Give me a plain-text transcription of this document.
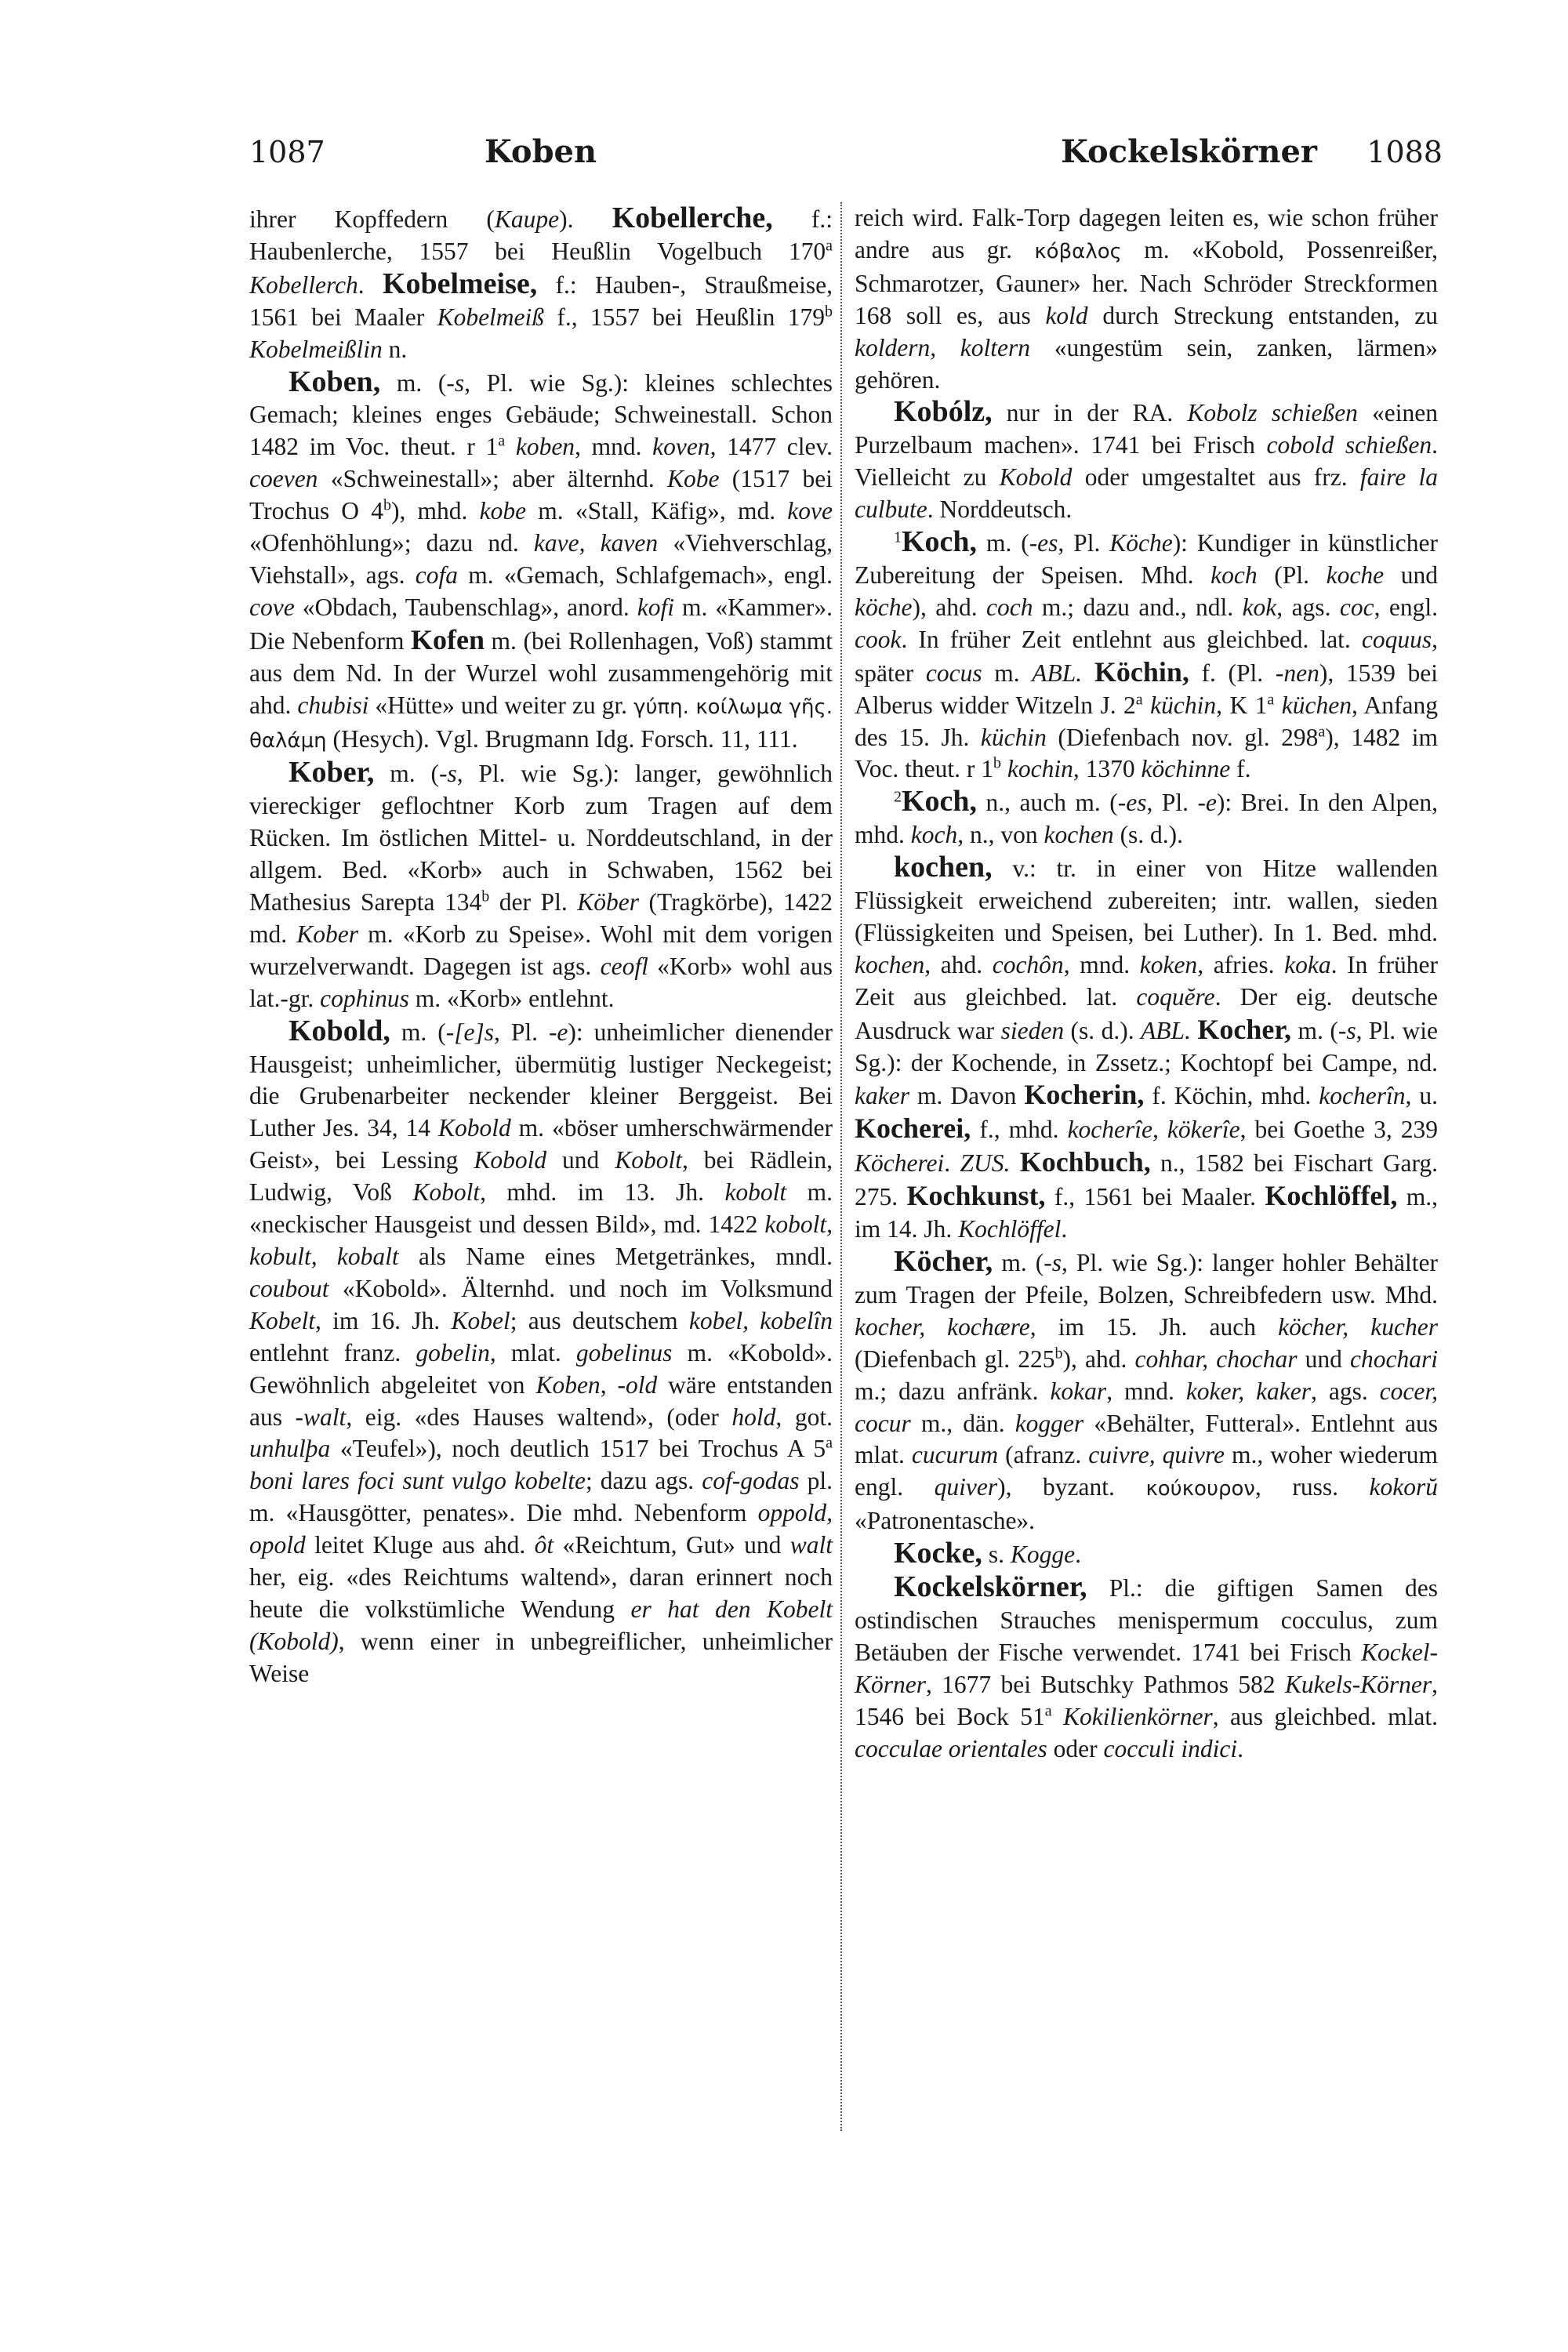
1087	Koben	Kockelskörner 1088

ihrer Kopffedern (Kaupe). Kobellerche, f.: Haubenlerche, 1557 bei Heußlin Vogelbuch 170$^a$ Kobellerch. Kobelmeise, f.: Hauben-, Straußmeise, 1561 bei Maaler Kobelmeiß f., 1557 bei Heußlin 179$^b$ Kobelmeißlin n.

Koben, m. (-s, Pl. wie Sg.): kleines schlechtes Gemach; kleines enges Gebäude; Schweinestall. Schon 1482 im Voc. theut. r 1$^a$ koben, mnd. koven, 1477 clev. coeven «Schweinestall»; aber älternhd. Kobe (1517 bei Trochus O 4$^b$), mhd. kobe m. «Stall, Käfig», md. kove «Ofenhöhlung»; dazu nd. kave, kaven «Viehverschlag, Viehstall», ags. cofa m. «Gemach, Schlafgemach», engl. cove «Obdach, Taubenschlag», anord. kofi m. «Kammer». Die Nebenform Kofen m. (bei Rollenhagen, Voß) stammt aus dem Nd. In der Wurzel wohl zusammengehörig mit ahd. chubisi «Hütte» und weiter zu gr. γύπη. κοίλωμα γῆς. θαλάμη (Hesych). Vgl. Brugmann Idg. Forsch. 11, 111.

Kober, m. (-s, Pl. wie Sg.): langer, gewöhnlich viereckiger geflochtner Korb zum Tragen auf dem Rücken. Im östlichen Mittel- u. Norddeutschland, in der allgem. Bed. «Korb» auch in Schwaben, 1562 bei Mathesius Sarepta 134$^b$ der Pl. Köber (Tragkörbe), 1422 md. Kober m. «Korb zu Speise». Wohl mit dem vorigen wurzelverwandt. Dagegen ist ags. ceofl «Korb» wohl aus lat.-gr. cophinus m. «Korb» entlehnt.

Kobold, m. (-[e]s, Pl. -e): unheimlicher dienender Hausgeist; unheimlicher, übermütig lustiger Neckegeist; die Grubenarbeiter neckender kleiner Berggeist. Bei Luther Jes. 34, 14 Kobold m. «böser umherschwärmender Geist», bei Lessing Kobold und Kobolt, bei Rädlein, Ludwig, Voß Kobolt, mhd. im 13. Jh. kobolt m. «neckischer Hausgeist und dessen Bild», md. 1422 kobolt, kobult, kobalt als Name eines Metgetränkes, mndl. coubout «Kobold». Älternhd. und noch im Volksmund Kobelt, im 16. Jh. Kobel; aus deutschem kobel, kobelîn entlehnt franz. gobelin, mlat. gobelinus m. «Kobold». Gewöhnlich abgeleitet von Koben, -old wäre entstanden aus -walt, eig. «des Hauses waltend», (oder hold, got. unhulþa «Teufel»), noch deutlich 1517 bei Trochus A 5$^a$ boni lares foci sunt vulgo kobelte; dazu ags. cof-godas pl. m. «Hausgötter, penates». Die mhd. Nebenform oppold, opold leitet Kluge aus ahd. ôt «Reichtum, Gut» und walt her, eig. «des Reichtums waltend», daran erinnert noch heute die volkstümliche Wendung er hat den Kobelt (Kobold), wenn einer in unbegreiflicher, unheimlicher Weise

reich wird. Falk-Torp dagegen leiten es, wie schon früher andre aus gr. κόβαλος m. «Kobold, Possenreißer, Schmarotzer, Gauner» her. Nach Schröder Streckformen 168 soll es, aus kold durch Streckung entstanden, zu koldern, koltern «ungestüm sein, zanken, lärmen» gehören.

Kobólz, nur in der RA. Kobolz schießen «einen Purzelbaum machen». 1741 bei Frisch cobold schießen. Vielleicht zu Kobold oder umgestaltet aus frz. faire la culbute. Norddeutsch.

$^1$Koch, m. (-es, Pl. Köche): Kundiger in künstlicher Zubereitung der Speisen. Mhd. koch (Pl. koche und köche), ahd. coch m.; dazu and., ndl. kok, ags. coc, engl. cook. In früher Zeit entlehnt aus gleichbed. lat. coquus, später cocus m. ABL. Köchin, f. (Pl. -nen), 1539 bei Alberus widder Witzeln J. 2$^a$ küchin, K 1$^a$ küchen, Anfang des 15. Jh. küchin (Diefenbach nov. gl. 298$^a$), 1482 im Voc. theut. r 1$^b$ kochin, 1370 köchinne f.

$^2$Koch, n., auch m. (-es, Pl. -e): Brei. In den Alpen, mhd. koch, n., von kochen (s. d.).

kochen, v.: tr. in einer von Hitze wallenden Flüssigkeit erweichend zubereiten; intr. wallen, sieden (Flüssigkeiten und Speisen, bei Luther). In 1. Bed. mhd. kochen, ahd. cochôn, mnd. koken, afries. koka. In früher Zeit aus gleichbed. lat. coquĕre. Der eig. deutsche Ausdruck war sieden (s. d.). ABL. Kocher, m. (-s, Pl. wie Sg.): der Kochende, in Zssetz.; Kochtopf bei Campe, nd. kaker m. Davon Kocherin, f. Köchin, mhd. kocherîn, u. Kocherei, f., mhd. kocherîe, kökerîe, bei Goethe 3, 239 Köcherei. ZUS. Kochbuch, n., 1582 bei Fischart Garg. 275. Kochkunst, f., 1561 bei Maaler. Kochlöffel, m., im 14. Jh. Kochlöffel.

Köcher, m. (-s, Pl. wie Sg.): langer hohler Behälter zum Tragen der Pfeile, Bolzen, Schreibfedern usw. Mhd. kocher, kochære, im 15. Jh. auch köcher, kucher (Diefenbach gl. 225$^b$), ahd. cohhar, chochar und chochari m.; dazu anfränk. kokar, mnd. koker, kaker, ags. cocer, cocur m., dän. kogger «Behälter, Futteral». Entlehnt aus mlat. cucurum (afranz. cuivre, quivre m., woher wiederum engl. quiver), byzant. κούκουρον, russ. kokorŭ «Patronentasche».

Kocke, s. Kogge.

Kockelskörner, Pl.: die giftigen Samen des ostindischen Strauches menispermum cocculus, zum Betäuben der Fische verwendet. 1741 bei Frisch Kockel-Körner, 1677 bei Butschky Pathmos 582 Kukels-Körner, 1546 bei Bock 51$^a$ Kokilienkörner, aus gleichbed. mlat. cocculae orientales oder cocculi indici.
